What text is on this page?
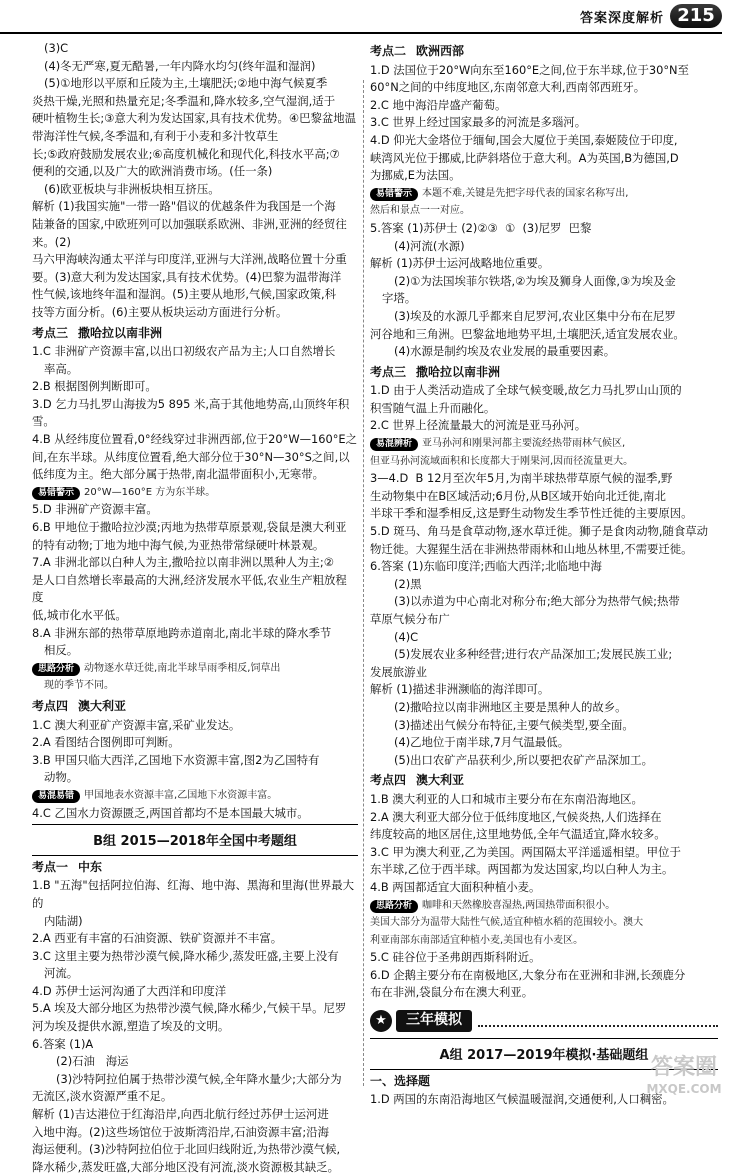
答案深度解析 215
(3)C
(4)冬无严寒,夏无酷暑,一年内降水均匀(终年温和湿润)
(5)①地形以平原和丘陵为主,土壤肥沃;②地中海气候夏季
炎热干燥,光照和热量充足;冬季温和,降水较多,空气湿润,适于
硬叶植物生长;③意大利为发达国家,具有技术优势。④巴黎盆地温带海洋性气候,冬季温和,有利于小麦和多汁牧草生
长;⑤政府鼓励发展农业;⑥高度机械化和现代化,科技水平高;⑦
便利的交通,以及广大的欧洲消费市场。(任一条)
(6)欧亚板块与非洲板块相互挤压。
解析 (1)我国实施"一带一路"倡议的优越条件为我国是一个海
陆兼备的国家,中欧班列可以加强联系欧洲、非洲,亚洲的经贸往来。(2)
马六甲海峡沟通太平洋与印度洋,亚洲与大洋洲,战略位置十分重
要。(3)意大利为发达国家,具有技术优势。(4)巴黎为温带海洋
性气候,该地终年温和湿润。(5)主要从地形,气候,国家政策,科
技等方面分析。(6)主要从板块运动方面进行分析。
考点三 撒哈拉以南非洲
1.C 非洲矿产资源丰富,以出口初级农产品为主;人口自然增长
率高。
2.B 根据图例判断即可。
3.D 乞力马扎罗山海拔为5 895 米,高于其他地势高,山顶终年积雪。
4.B 从经纬度位置看,0°经线穿过非洲西部,位于20°W—160°E之
间,在东半球。从纬度位置看,绝大部分位于30°N—30°S之间,以
低纬度为主。绝大部分属于热带,南北温带面积小,无寒带。
易错警示 20°W—160°E 方为东半球。
5.D 非洲矿产资源丰富。
6.B 甲地位于撒哈拉沙漠;丙地为热带草原景观,袋鼠是澳大利亚
的特有动物;丁地为地中海气候,为亚热带常绿硬叶林景观。
7.A 非洲北部以白种人为主,撒哈拉以南非洲以黑种人为主;②
是人口自然增长率最高的大洲,经济发展水平低,农业生产粗放程度
低,城市化水平低。
8.A 非洲东部的热带草原地跨赤道南北,南北半球的降水季节
相反。
思路分析 动物逐水草迁徙,南北半球旱雨季相反,饲草出
现的季节不同。
考点四 澳大利亚
1.C 澳大利亚矿产资源丰富,采矿业发达。
2.A 看图结合图例即可判断。
3.B 甲国只临大西洋,乙国地下水资源丰富,图2为乙国特有
动物。
易混易错 甲国地表水资源丰富,乙国地下水资源丰富。
4.C 乙国水力资源匮乏,两国首都均不是本国最大城市。
B组 2015—2018年全国中考题组
考点一 中东
1.B "五海"包括阿拉伯海、红海、地中海、黑海和里海(世界最大的
内陆湖)
2.A 西亚有丰富的石油资源、铁矿资源并不丰富。
3.C 这里主要为热带沙漠气候,降水稀少,蒸发旺盛,主要上没有
河流。
4.D 苏伊士运河沟通了大西洋和印度洋
5.A 埃及大部分地区为热带沙漠气候,降水稀少,气候干旱。尼罗
河为埃及提供水源,塑造了埃及的文明。
6.答案 (1)A
(2)石油   海运
(3)沙特阿拉伯属于热带沙漠气候,全年降水量少;大部分为
无流区,淡水资源严重不足。
解析 (1)吉达港位于红海沿岸,向西北航行经过苏伊士运河进
入地中海。(2)这些场馆位于波斯湾沿岸,石油资源丰富;沿海
海运便利。(3)沙特阿拉伯位于北回归线附近,为热带沙漠气候,
降水稀少,蒸发旺盛,大部分地区没有河流,淡水资源极其缺乏。
考点二 欧洲西部
1.D 法国位于20°W向东至160°E之间,位于东半球,位于30°N至
60°N之间的中纬度地区,东南邻意大利,西南邻西班牙。
2.C 地中海沿岸盛产葡萄。
3.C 世界上经过国家最多的河流是多瑙河。
4.D 仰光大金塔位于缅甸,国会大厦位于美国,泰姬陵位于印度,
峡湾风光位于挪威,比萨斜塔位于意大利。A为英国,B为德国,D
为挪威,E为法国。
易错警示 本题不难,关键是先把字母代表的国家名称写出,
然后和景点一一对应。
5.答案 (1)苏伊士 (2)②③  ①  (3)尼罗  巴黎
(4)河流(水源)
解析 (1)苏伊士运河战略地位重要。
(2)①为法国埃菲尔铁塔,②为埃及狮身人面像,③为埃及金
字塔。
(3)埃及的水源几乎都来自尼罗河,农业区集中分布在尼罗
河谷地和三角洲。巴黎盆地地势平坦,土壤肥沃,适宜发展农业。
(4)水源是制约埃及农业发展的最重要因素。
考点三 撒哈拉以南非洲
1.D 由于人类活动造成了全球气候变暖,故乞力马扎罗山山顶的
积雪随气温上升而融化。
2.C 世界上径流量最大的河流是亚马孙河。
易混辨析 亚马孙河和刚果河都主要流经热带雨林气候区,
但亚马孙河流域面积和长度都大于刚果河,因而径流量更大。
3—4.D  B 12月至次年5月,为南半球热带草原气候的湿季,野
生动物集中在B区域活动;6月份,从B区域开始向北迁徙,南北
半球干季和湿季相反,这是野生动物发生季节性迁徙的主要原因。
5.D 斑马、角马是食草动物,逐水草迁徙。狮子是食肉动物,随食草动
物迁徙。大猩猩生活在非洲热带雨林和山地丛林里,不需要迁徙。
6.答案 (1)东临印度洋;西临大西洋;北临地中海
(2)黑
(3)以赤道为中心南北对称分布;绝大部分为热带气候;热带
草原气候分布广
(4)C
(5)发展农业多种经营;进行农产品深加工;发展民族工业;
发展旅游业
解析 (1)描述非洲濒临的海洋即可。
(2)撒哈拉以南非洲地区主要是黑种人的故乡。
(3)描述出气候分布特征,主要气候类型,要全面。
(4)乙地位于南半球,7月气温最低。
(5)出口农矿产品获利少,所以要把农矿产品深加工。
考点四 澳大利亚
1.B 澳大利亚的人口和城市主要分布在东南沿海地区。
2.A 澳大利亚大部分位于低纬度地区,气候炎热,人们选择在
纬度较高的地区居住,这里地势低,全年气温适宜,降水较多。
3.C 甲为澳大利亚,乙为美国。两国隔太平洋遥遥相望。甲位于
东半球,乙位于西半球。两国都为发达国家,均以白种人为主。
4.B 两国都适宜大面积种植小麦。
思路分析 咖啡和天然橡胶喜湿热,两国热带面积很小。
美国大部分为温带大陆性气候,适宜种植水稻的范围较小。澳大
利亚南部东南部适宜种植小麦,美国也有小麦区。
5.C 硅谷位于圣弗朗西斯科附近。
6.D 企鹅主要分布在南极地区,大象分布在亚洲和非洲,长颈鹿分
布在非洲,袋鼠分布在澳大利亚。
★	三年模拟
A组 2017—2019年模拟·基础题组
一、选择题
1.D 两国的东南沿海地区气候温暖湿润,交通便利,人口稠密。
答案圈
MXQE.COM
